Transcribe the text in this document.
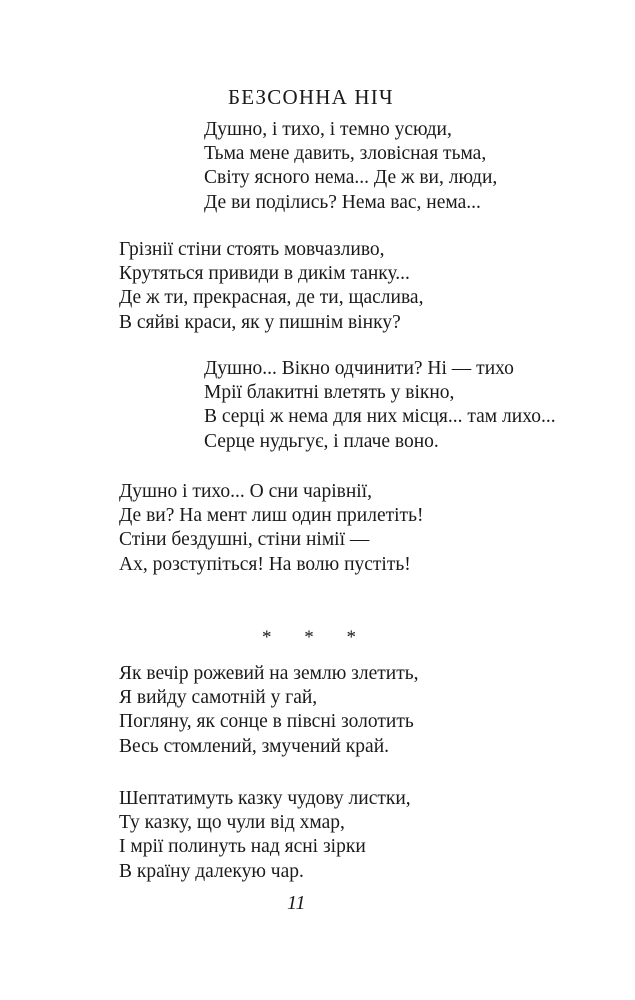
БЕЗСОННА НІЧ
Душно, і тихо, і темно усюди,
Тьма мене давить, зловісная тьма,
Світу ясного нема... Де ж ви, люди,
Де ви поділись? Нема вас, нема...
Грізнії стіни стоять мовчазливо,
Крутяться привиди в дикім танку...
Де ж ти, прекрасная, де ти, щаслива,
В сяйві краси, як у пишнім вінку?
Душно... Вікно одчинити? Ні — тихо
Мрії блакитні влетять у вікно,
В серці ж нема для них місця... там лихо...
Серце нудьгує, і плаче воно.
Душно і тихо... О сни чарівнії,
Де ви? На мент лиш один прилетіть!
Стіни бездушні, стіни німії —
Ах, розступіться! На волю пустіть!
* * *
Як вечір рожевий на землю злетить,
Я вийду самотній у гай,
Погляну, як сонце в півсні золотить
Весь стомлений, змучений край.
Шептатимуть казку чудову листки,
Ту казку, що чули від хмар,
І мрії полинуть над ясні зірки
В країну далекую чар.
11
